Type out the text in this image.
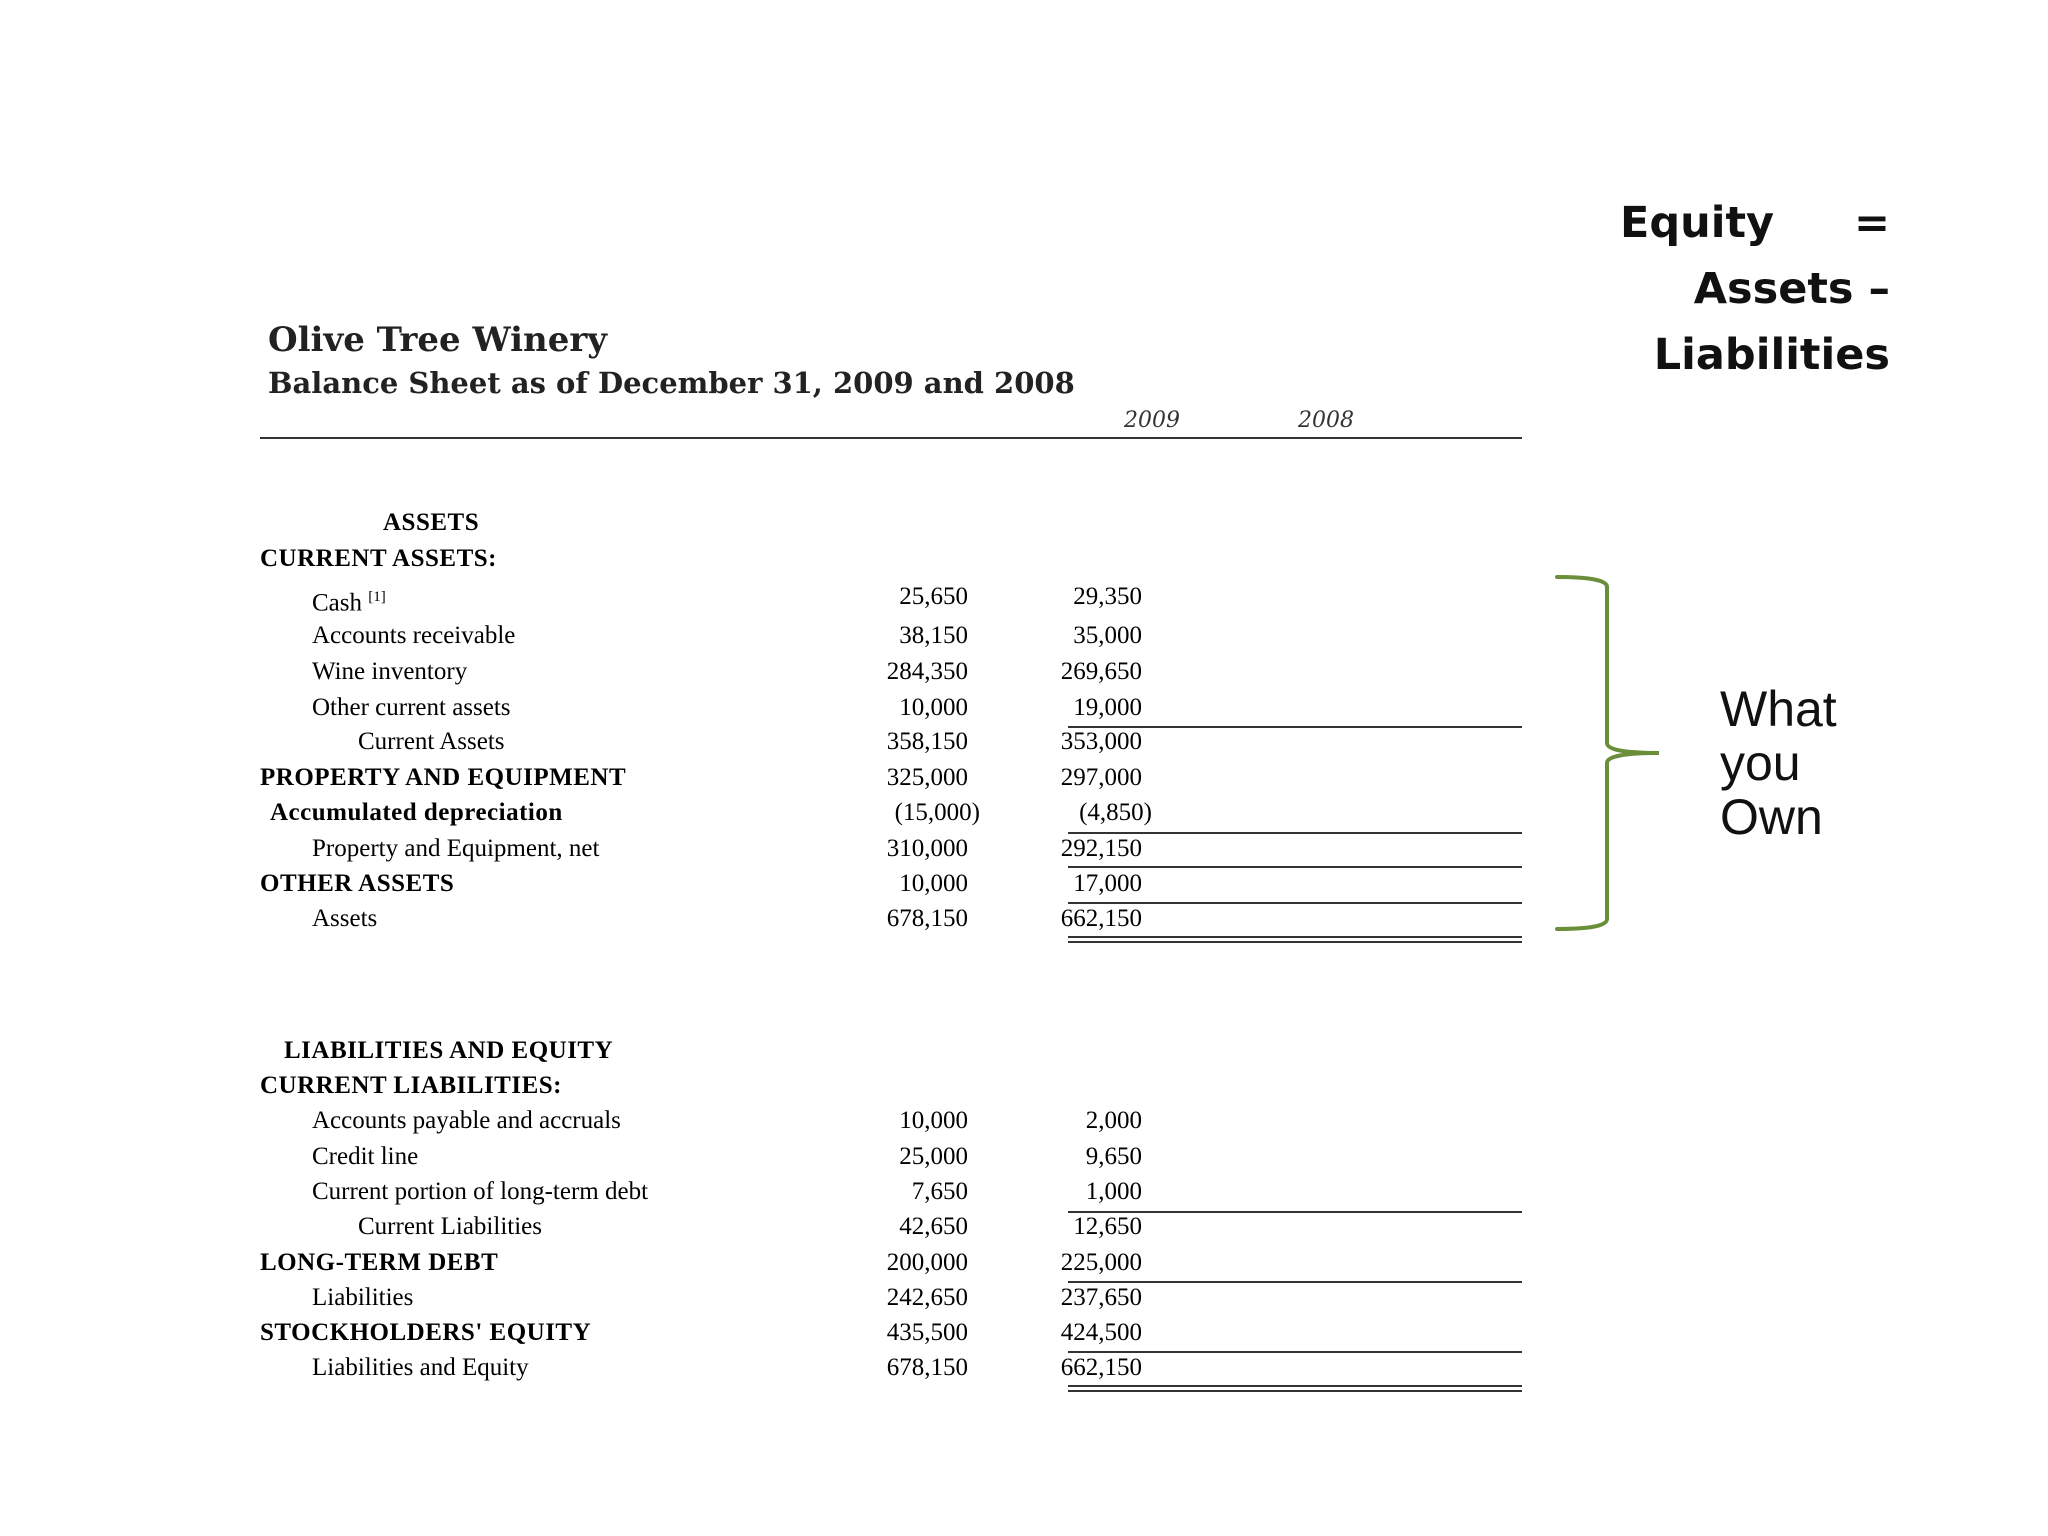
Equity	=
Assets – Liabilities
Olive Tree Winery
Balance Sheet as of December 31, 2009 and 2008
2009	2008
ASSETS
CURRENT ASSETS:
Cash [1]	25,650	29,350
Accounts receivable	38,150	35,000
Wine inventory	284,350	269,650
Other current assets	10,000	19,000
Current Assets	358,150	353,000
PROPERTY AND EQUIPMENT	325,000	297,000
Accumulated depreciation	(15,000)	(4,850)
Property and Equipment, net	310,000	292,150
OTHER ASSETS	10,000	17,000
Assets	678,150	662,150
LIABILITIES AND EQUITY
CURRENT LIABILITIES:
Accounts payable and accruals	10,000	2,000
Credit line	25,000	9,650
Current portion of long-term debt	7,650	1,000
Current Liabilities	42,650	12,650
LONG-TERM DEBT	200,000	225,000
Liabilities	242,650	237,650
STOCKHOLDERS' EQUITY	435,500	424,500
Liabilities and Equity	678,150	662,150
What
you
Own
